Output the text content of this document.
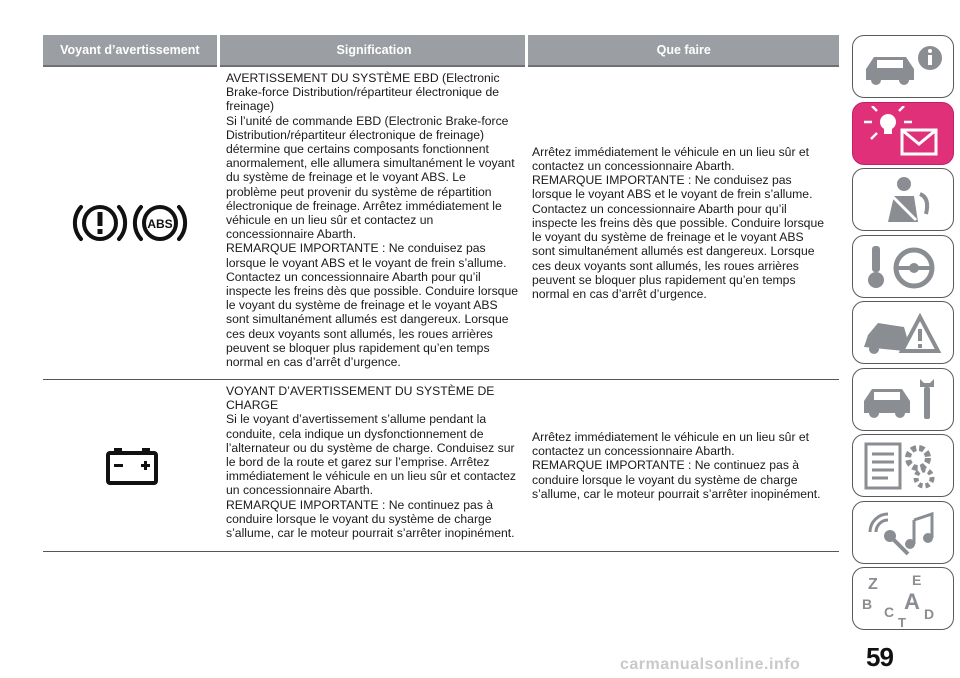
Voyant d’avertissement	Signification	Que faire
ABS
AVERTISSEMENT DU SYSTÈME EBD (Electronic
Brake-force Distribution/répartiteur électronique de
freinage)
Si l’unité de commande EBD (Electronic Brake-force
Distribution/répartiteur électronique de freinage)
détermine que certains composants fonctionnent
anormalement, elle allumera simultanément le voyant
du système de freinage et le voyant ABS. Le
problème peut provenir du système de répartition
électronique de freinage. Arrêtez immédiatement le
véhicule en un lieu sûr et contactez un
concessionnaire Abarth.
REMARQUE IMPORTANTE : Ne conduisez pas
lorsque le voyant ABS et le voyant de frein s’allume.
Contactez un concessionnaire Abarth pour qu’il
inspecte les freins dès que possible. Conduire lorsque
le voyant du système de freinage et le voyant ABS
sont simultanément allumés est dangereux. Lorsque
ces deux voyants sont allumés, les roues arrières
peuvent se bloquer plus rapidement qu’en temps
normal en cas d’arrêt d’urgence.
Arrêtez immédiatement le véhicule en un lieu sûr et
contactez un concessionnaire Abarth.
REMARQUE IMPORTANTE : Ne conduisez pas
lorsque le voyant ABS et le voyant de frein s’allume.
Contactez un concessionnaire Abarth pour qu’il
inspecte les freins dès que possible. Conduire lorsque
le voyant du système de freinage et le voyant ABS
sont simultanément allumés est dangereux. Lorsque
ces deux voyants sont allumés, les roues arrières
peuvent se bloquer plus rapidement qu’en temps
normal en cas d’arrêt d’urgence.
VOYANT D’AVERTISSEMENT DU SYSTÈME DE
CHARGE
Si le voyant d’avertissement s’allume pendant la
conduite, cela indique un dysfonctionnement de
l’alternateur ou du système de charge. Conduisez sur
le bord de la route et garez sur l’emprise. Arrêtez
immédiatement le véhicule en un lieu sûr et contactez
un concessionnaire Abarth.
REMARQUE IMPORTANTE : Ne continuez pas à
conduire lorsque le voyant du système de charge
s’allume, car le moteur pourrait s’arrêter inopinément.
Arrêtez immédiatement le véhicule en un lieu sûr et
contactez un concessionnaire Abarth.
REMARQUE IMPORTANTE : Ne continuez pas à
conduire lorsque le voyant du système de charge
s’allume, car le moteur pourrait s’arrêter inopinément.
Z E
B A
C D
T
59
carmanualsonline.info
